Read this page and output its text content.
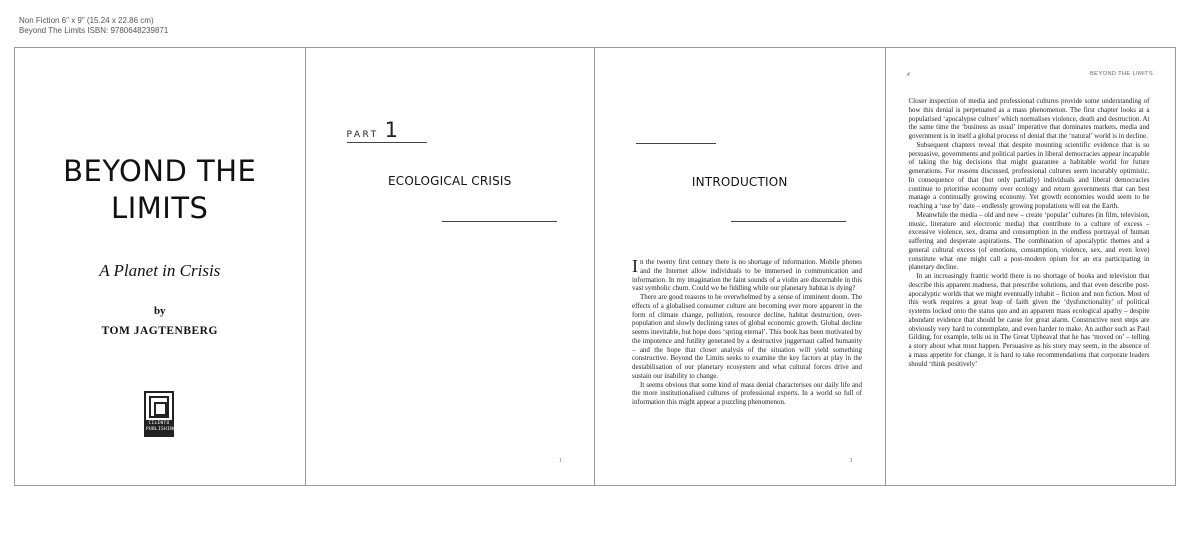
Non Fiction 6" x 9" (15.24 x 22.86 cm)
Beyond The Limits ISBN: 9780648239871
BEYOND THE
LIMITS
A Planet in Crisis
by
TOM JAGTENBERG
CILENTO
PUBLISHING
PART 1
ECOLOGICAL CRISIS
1
INTRODUCTION

In the twenty first century there is no shortage of information. Mobile phones and the Internet allow individuals to be immersed in communication and information. In my imagination the faint sounds of a violin are discernable in this vast symbolic churn. Could we be fiddling while our planetary habitat is dying?

There are good reasons to be overwhelmed by a sense of imminent doom. The effects of a globalised consumer culture are becoming ever more apparent in the form of climate change, pollution, resource decline, habitat destruction, over-population and slowly declining rates of global economic growth. Global decline seems inevitable, but hope does ‘spring eternal’. This book has been motivated by the impotence and futility generated by a destructive juggernaut called humanity – and the hope that closer analysis of the situation will yield something constructive. Beyond the Limits seeks to examine the key factors at play in the destabilisation of our planetary ecosystem and what cultural forces drive and sustain our inability to change.

It seems obvious that some kind of mass denial characterises our daily life and the more institutionalised cultures of professional experts. In a world so full of information this might appear a puzzling phenomenon.

3
4	BEYOND THE LIMITS

Closer inspection of media and professional cultures provide some understanding of how this denial is perpetuated as a mass phenomenon. The first chapter looks at a popularised ‘apocalypse culture’ which normalises violence, death and destruction. At the same time the ‘business as usual’ imperative that dominates markets, media and government is in itself a global process of denial that the ‘natural’ world is in decline.

Subsequent chapters reveal that despite mounting scientific evidence that is so persuasive, governments and political parties in liberal democracies appear incapable of taking the big decisions that might guarantee a habitable world for future generations. For reasons discussed, professional cultures seem incurably optimistic. In consequence of that (but only partially) individuals and liberal democracies continue to prioritise economy over ecology and return governments that can best manage a continually growing economy. Yet growth economies would seem to be reaching a ‘use by’ date – endlessly growing populations will eat the Earth.

Meanwhile the media – old and new – create ‘popular’ cultures (in film, television, music, literature and electronic media) that contribute to a culture of excess – excessive violence, sex, drama and consumption in the endless portrayal of human suffering and desperate aspirations. The combination of apocalyptic themes and a general cultural excess (of emotions, consumption, violence, sex, and even love) constitute what one might call a post-modern opium for an era participating in planetary decline.

In an increasingly frantic world there is no shortage of books and television that describe this apparent madness, that prescribe solutions, and that even describe post-apocalyptic worlds that we might eventually inhabit – fiction and non fiction. Most of this work requires a great leap of faith given the ‘dysfunctionality’ of political systems locked onto the status quo and an apparent mass ecological apathy – despite abundant evidence that should be cause for great alarm. Constructive next steps are obviously very hard to contemplate, and even harder to make. An author such as Paul Gilding, for example, tells us in The Great Upheaval that he has ‘moved on’ – telling a story about what must happen. Persuasive as his story may seem, in the absence of a mass appetite for change, it is hard to take recommendations that corporate leaders should ‘think positively’
